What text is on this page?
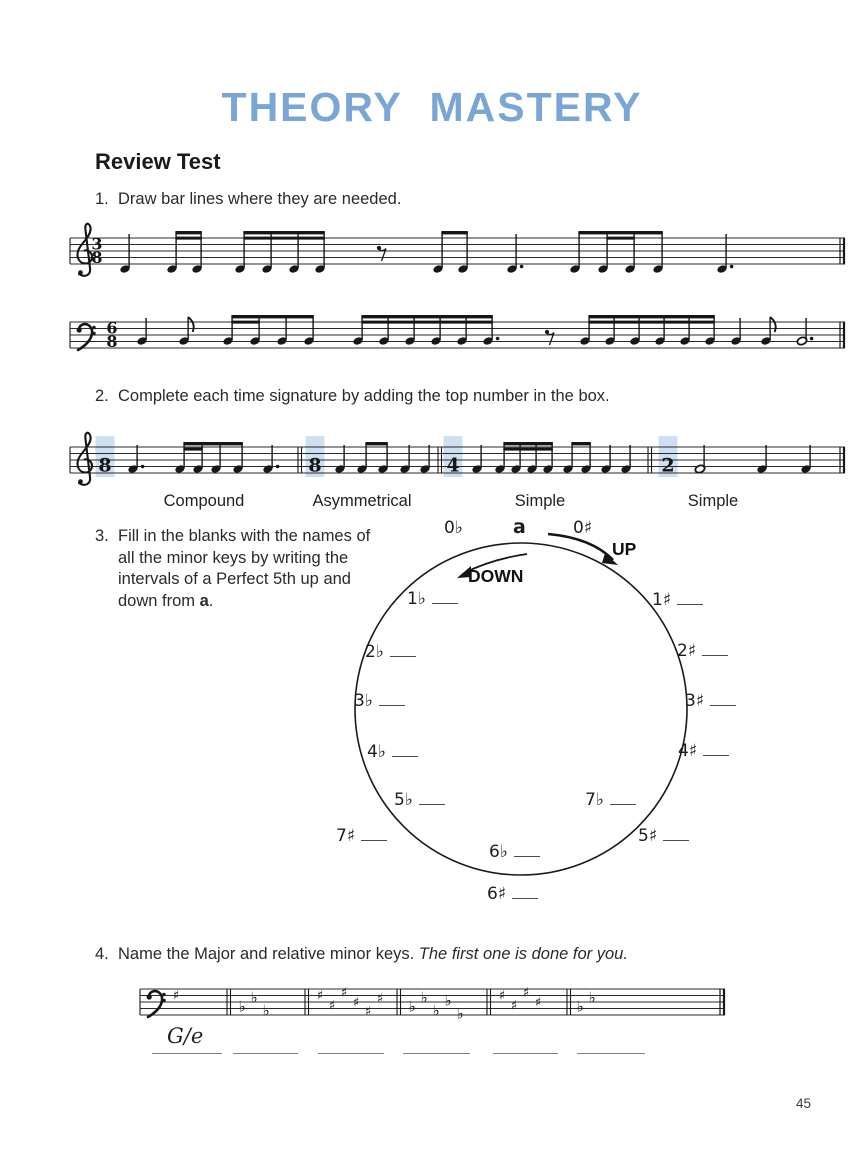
3
8
6
8
8	8	4	2
♯
♭ ♭
♭
♯
♯
♯
♯
♯
♯ ♭ ♭
♭
♭
♭
♯
♯
♯
♯ ♭ ♭
THEORY MASTERY
Review Test
1. Draw bar lines where they are needed.
2. Complete each time signature by adding the top number in the box.
3. Fill in the blanks with the names of
all the minor keys by writing the
intervals of a Perfect 5th up and
down from a.
4. Name the Major and relative minor keys. The first one is done for you.
Compound	Asymmetrical	Simple	Simple
0♭	a	0♯
1♭	1♯
2♭	2♯
3♭	3♯
4♭	4♯
5♭	7♭
7♯	5♯
6♭
6♯
UP
DOWN
G/e
45
